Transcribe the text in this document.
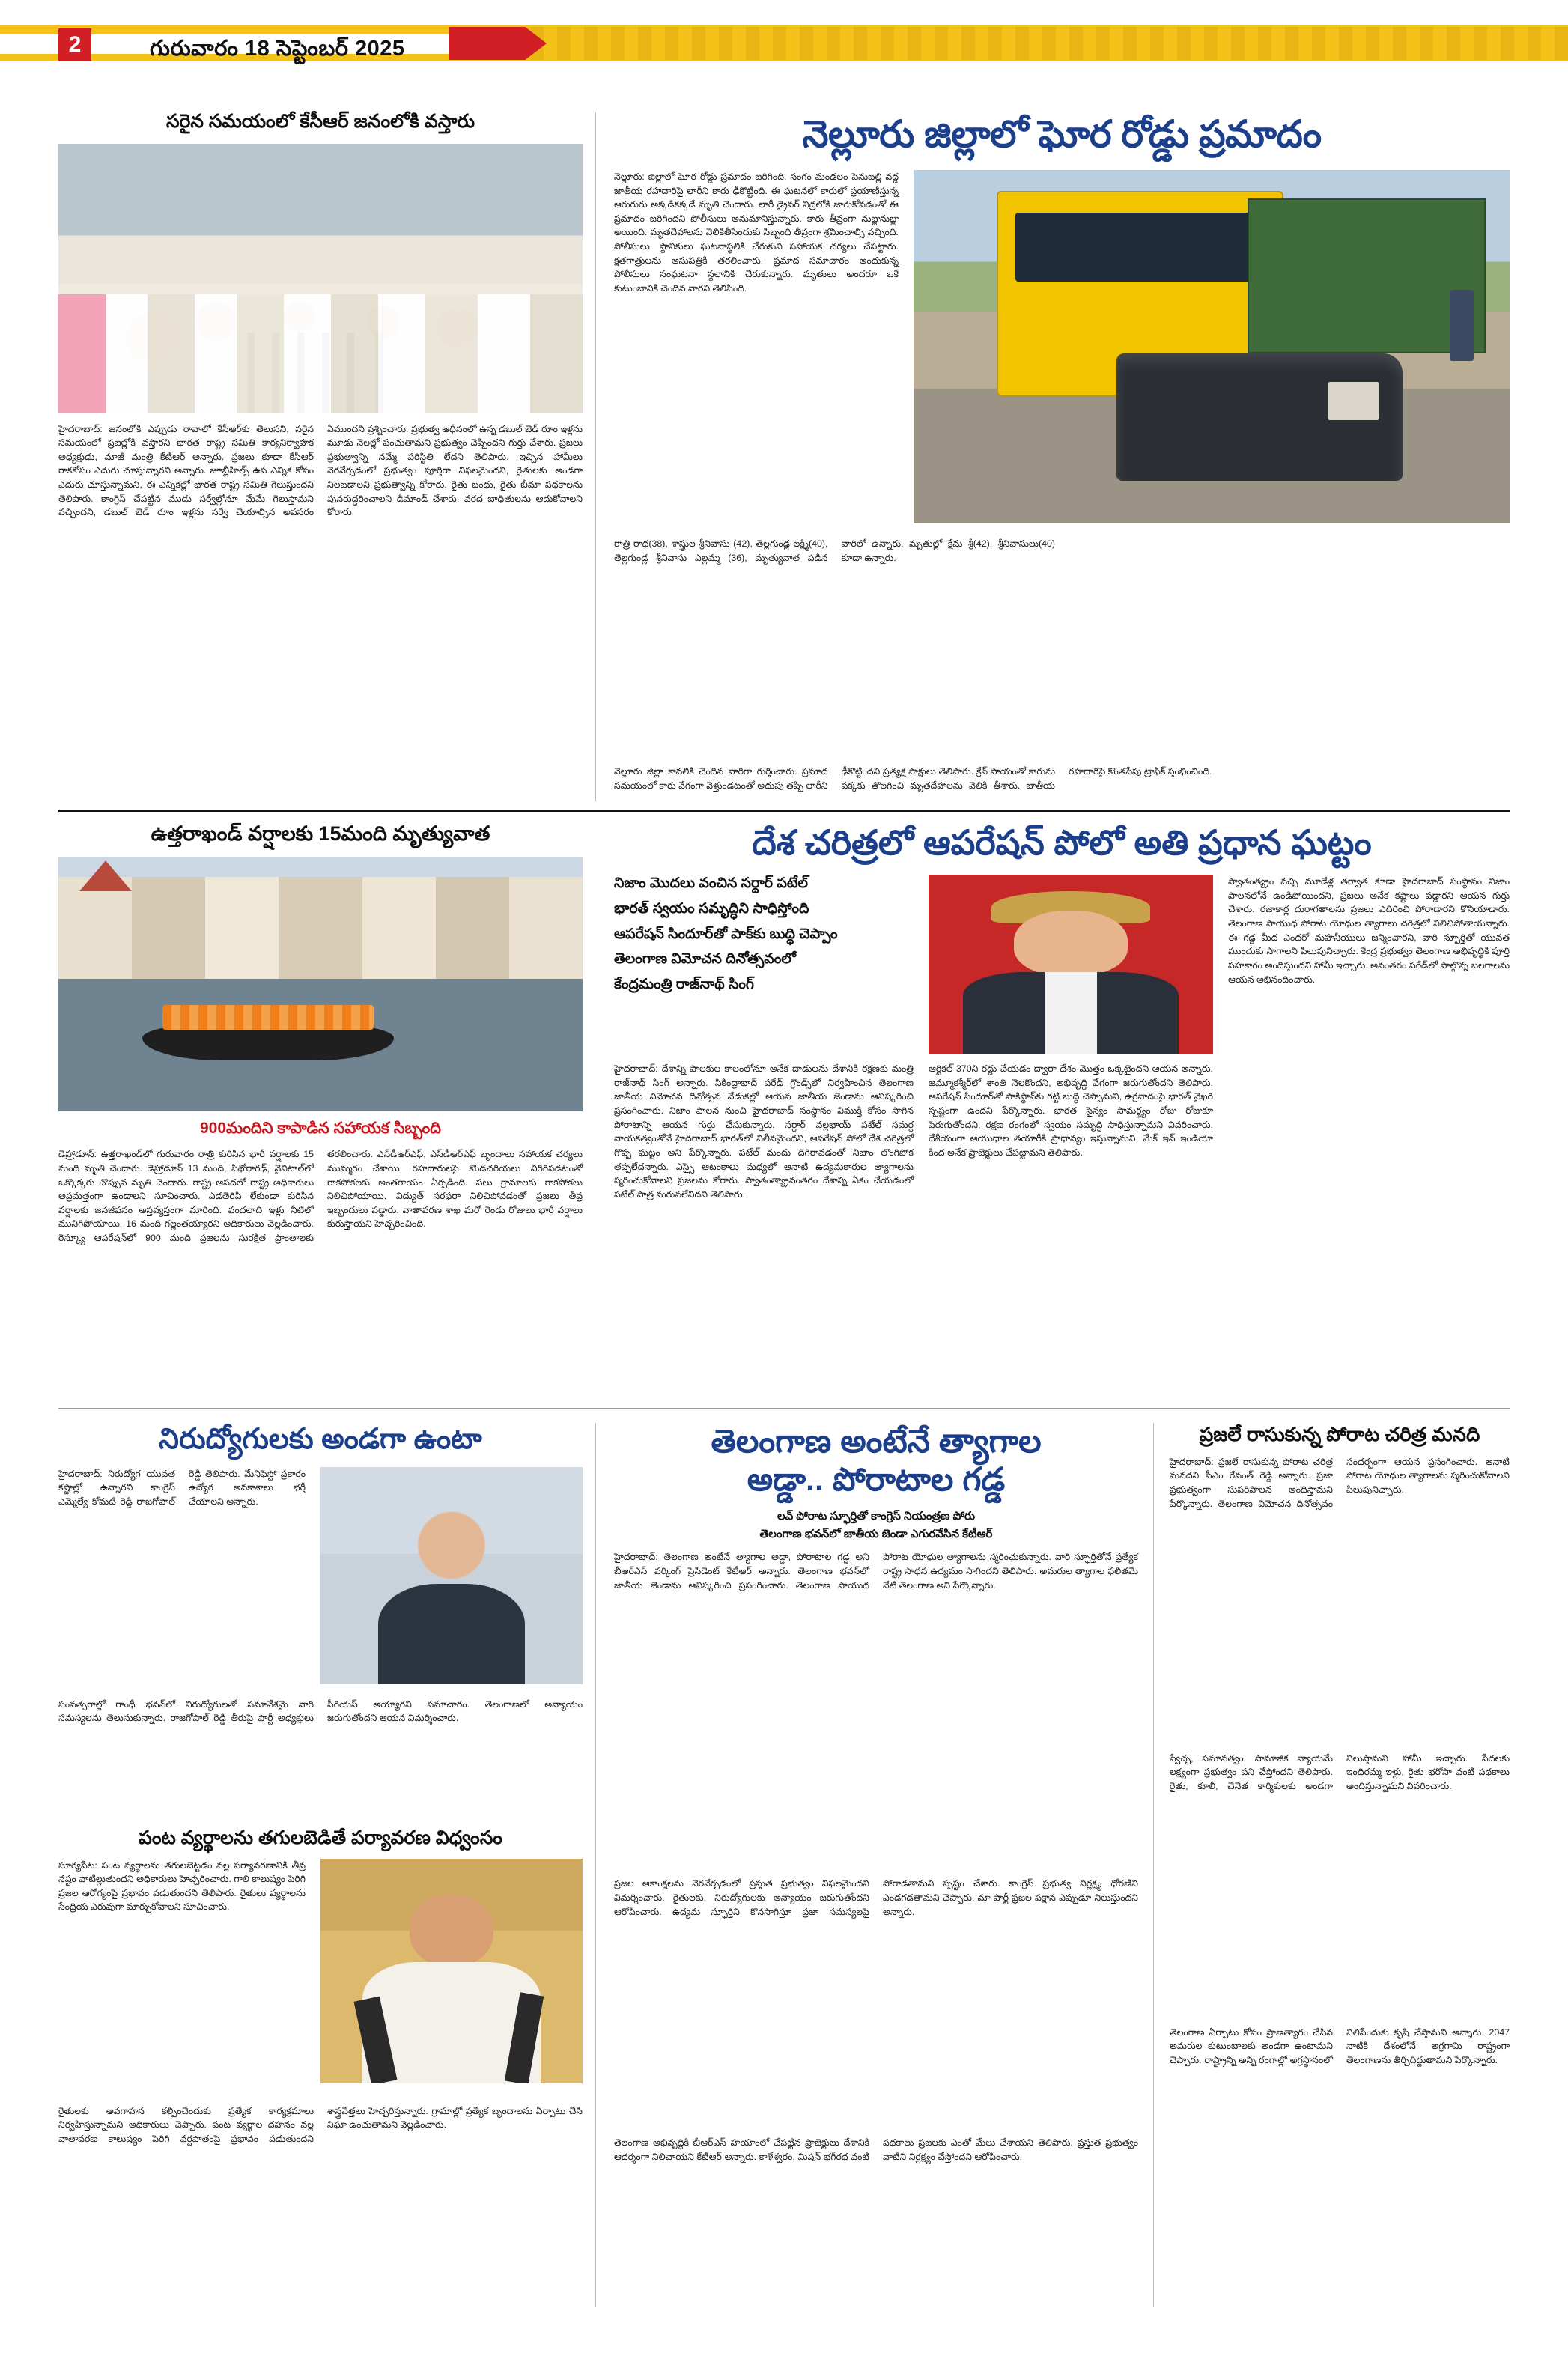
2	గురువారం 18 సెప్టెంబర్ 2025
సరైన సమయంలో కేసీఆర్ జనంలోకి వస్తారు
హైదరాబాద్‌: జనంలోకి ఎప్పుడు రావాలో కేసీఆర్‌కు తెలుసని, సరైన సమయంలో ప్రజల్లోకి వస్తారని భారత రాష్ట్ర సమితి కార్యనిర్వాహక అధ్యక్షుడు, మాజీ మంత్రి కేటీఆర్ అన్నారు. ప్రజలు కూడా కేసీఆర్ రాకకోసం ఎదురు చూస్తున్నారని అన్నారు. జూబ్లీహిల్స్ ఉప ఎన్నిక కోసం ఎదురు చూస్తున్నామని, ఈ ఎన్నికల్లో భారత రాష్ట్ర సమితి గెలుస్తుందని తెలిపారు. కాంగ్రెస్ చేపట్టిన ముడు సర్వేల్లోనూ మేమే గెలుస్తామని వచ్చిందని, డబుల్‌ బెడ్‌ రూం ఇళ్లను సర్వే చేయాల్సిన అవసరం ఏముందని ప్రశ్నించారు. ప్రభుత్వ ఆధీనంలో ఉన్న డబుల్ బెడ్ రూం ఇళ్లను మూడు నెలల్లో పంచుతామని ప్రభుత్వం చెప్పిందని గుర్తు చేశారు. ప్రజలు ప్రభుత్వాన్ని నమ్మే పరిస్థితి లేదని తెలిపారు. ఇచ్చిన హామీలు నెరవేర్చడంలో ప్రభుత్వం పూర్తిగా విఫలమైందని, రైతులకు అండగా నిలబడాలని ప్రభుత్వాన్ని కోరారు. రైతు బంధు, రైతు బీమా పథకాలను పునరుద్ధరించాలని డిమాండ్ చేశారు. వరద బాధితులను ఆదుకోవాలని కోరారు.
నెల్లూరు జిల్లాలో ఘోర రోడ్డు ప్రమాదం
నెల్లూరు: జిల్లాలో ఘోర రోడ్డు ప్రమాదం జరిగింది. సంగం మండలం పెనుబల్లి వద్ద జాతీయ రహదారిపై లారీని కారు ఢీకొట్టింది. ఈ ఘటనలో కారులో ప్రయాణిస్తున్న ఆరుగురు అక్కడికక్కడే మృతి చెందారు. లారీ డ్రైవర్ నిద్రలోకి జారుకోవడంతో ఈ ప్రమాదం జరిగిందని పోలీసులు అనుమానిస్తున్నారు. కారు తీవ్రంగా నుజ్జునుజ్జు అయింది. మృతదేహాలను వెలికితీసేందుకు సిబ్బంది తీవ్రంగా శ్రమించాల్సి వచ్చింది. పోలీసులు, స్థానికులు ఘటనాస్థలికి చేరుకుని సహాయక చర్యలు చేపట్టారు. క్షతగాత్రులను ఆసుపత్రికి తరలించారు. ప్రమాద సమాచారం అందుకున్న పోలీసులు సంఘటనా స్థలానికి చేరుకున్నారు. మృతులు అందరూ ఒకే కుటుంబానికి చెందిన వారని తెలిసింది.
రాత్రి రాధ(38), శాస్త్రుల శ్రీనివాసు (42), తెల్లగుండ్ల లక్ష్మి(40), తెల్లగుండ్ల శ్రీనివాసు ఎల్లమ్మ (36), మృత్యువాత పడిన వారిలో ఉన్నారు. మృతుల్లో క్షేమ శ్రీ(42), శ్రీనివాసులు(40) కూడా ఉన్నారు.
నెల్లూరు జిల్లా కావలికి చెందిన వారిగా గుర్తించారు. ప్రమాద సమయంలో కారు వేగంగా వెళ్తుండటంతో అదుపు తప్పి లారీని ఢీకొట్టిందని ప్రత్యక్ష సాక్షులు తెలిపారు. క్రేన్ సాయంతో కారును పక్కకు తొలగించి మృతదేహాలను వెలికి తీశారు. జాతీయ రహదారిపై కొంతసేపు ట్రాఫిక్ స్తంభించింది.
ఉత్తరాఖండ్ వర్షాలకు 15మంది మృత్యువాత
900మందిని కాపాడిన సహాయక సిబ్బంది
డెహ్రాడూన్: ఉత్తరాఖండ్‌లో గురువారం రాత్రి కురిసిన భారీ వర్షాలకు 15 మంది మృతి చెందారు. డెహ్రాడూన్ 13 మంది, పిథోరాగఢ్‌, నైనిటాల్‌లో ఒక్కొక్కరు చొప్పున మృతి చెందారు. రాష్ట్ర ఆపదలో రాష్ట్ర అధికారులు అప్రమత్తంగా ఉండాలని సూచించారు. ఎడతెరిపి లేకుండా కురిసిన వర్షాలకు జనజీవనం అస్తవ్యస్తంగా మారింది. వందలాది ఇళ్లు నీటిలో మునిగిపోయాయి. 16 మంది గల్లంతయ్యారని అధికారులు వెల్లడించారు. రెస్క్యూ ఆపరేషన్‌లో 900 మంది ప్రజలను సురక్షిత ప్రాంతాలకు తరలించారు. ఎన్‌డీఆర్‌ఎఫ్‌, ఎస్‌డీఆర్‌ఎఫ్‌ బృందాలు సహాయక చర్యలు ముమ్మరం చేశాయి. రహదారులపై కొండచరియలు విరిగిపడటంతో రాకపోకలకు అంతరాయం ఏర్పడింది. పలు గ్రామాలకు రాకపోకలు నిలిచిపోయాయి. విద్యుత్ సరఫరా నిలిచిపోవడంతో ప్రజలు తీవ్ర ఇబ్బందులు పడ్డారు. వాతావరణ శాఖ మరో రెండు రోజులు భారీ వర్షాలు కురుస్తాయని హెచ్చరించింది.
దేశ చరిత్రలో ఆపరేషన్ పోలో అతి ప్రధాన ఘట్టం
నిజాం మొదలు వంచిన సర్దార్ పటేల్
భారత్ స్వయం సమృద్ధిని సాధిస్తోంది
ఆపరేషన్ సిందూర్‌తో పాక్‌కు బుద్ధి చెప్పాం
తెలంగాణ విమోచన దినోత్సవంలో
కేంద్రమంత్రి రాజ్‌నాథ్ సింగ్
స్వాతంత్య్రం వచ్చి మూడేళ్ల తర్వాత కూడా హైదరాబాద్ సంస్థానం నిజాం పాలనలోనే ఉండిపోయిందని, ప్రజలు అనేక కష్టాలు పడ్డారని ఆయన గుర్తు చేశారు. రజాకార్ల దురాగతాలను ప్రజలు ఎదిరించి పోరాడారని కొనియాడారు. తెలంగాణ సాయుధ పోరాట యోధుల త్యాగాలు చరిత్రలో నిలిచిపోతాయన్నారు. ఈ గడ్డ మీద ఎందరో మహనీయులు జన్మించారని, వారి స్ఫూర్తితో యువత ముందుకు సాగాలని పిలుపునిచ్చారు. కేంద్ర ప్రభుత్వం తెలంగాణ అభివృద్ధికి పూర్తి సహకారం అందిస్తుందని హామీ ఇచ్చారు. అనంతరం పరేడ్‌లో పాల్గొన్న బలగాలను ఆయన అభినందించారు.
హైదరాబాద్‌: దేశాన్ని పాలకుల కాలంలోనూ అనేక దాడులను దేశానికి రక్షణకు మంత్రి రాజ్‌నాథ్ సింగ్ అన్నారు. సికింద్రాబాద్ పరేడ్ గ్రౌండ్స్‌లో నిర్వహించిన తెలంగాణ జాతీయ విమోచన దినోత్సవ వేడుకల్లో ఆయన జాతీయ జెండాను ఆవిష్కరించి ప్రసంగించారు. నిజాం పాలన నుంచి హైదరాబాద్ సంస్థానం విముక్తి కోసం సాగిన పోరాటాన్ని ఆయన గుర్తు చేసుకున్నారు. సర్దార్ వల్లభాయ్ పటేల్ సమర్థ నాయకత్వంతోనే హైదరాబాద్ భారత్‌లో విలీనమైందని, ఆపరేషన్ పోలో దేశ చరిత్రలో గొప్ప ఘట్టం అని పేర్కొన్నారు. పటేల్ మందు దిగిరావడంతో నిజాం లొంగిపోక తప్పలేదన్నారు. ఎస్సై ఆటంకాలు మధ్యలో ఆనాటి ఉద్యమకారుల త్యాగాలను స్మరించుకోవాలని ప్రజలను కోరారు. స్వాతంత్య్రానంతరం దేశాన్ని ఏకం చేయడంలో పటేల్ పాత్ర మరువలేనిదని తెలిపారు.
ఆర్టికల్ 370ని రద్దు చేయడం ద్వారా దేశం మొత్తం ఒక్కటైందని ఆయన అన్నారు. జమ్మూకశ్మీర్‌లో శాంతి నెలకొందని, అభివృద్ధి వేగంగా జరుగుతోందని తెలిపారు. ఆపరేషన్ సిందూర్‌తో పాకిస్థాన్‌కు గట్టి బుద్ధి చెప్పామని, ఉగ్రవాదంపై భారత్ వైఖరి స్పష్టంగా ఉందని పేర్కొన్నారు. భారత సైన్యం సామర్థ్యం రోజు రోజుకూ పెరుగుతోందని, రక్షణ రంగంలో స్వయం సమృద్ధి సాధిస్తున్నామని వివరించారు. దేశీయంగా ఆయుధాల తయారీకి ప్రాధాన్యం ఇస్తున్నామని, మేక్ ఇన్ ఇండియా కింద అనేక ప్రాజెక్టులు చేపట్టామని తెలిపారు.
నిరుద్యోగులకు అండగా ఉంటా
హైదరాబాద్‌: నిరుద్యోగ యువత కష్టాల్లో ఉన్నారని కాంగ్రెస్ ఎమ్మెల్యే కోమటి రెడ్డి రాజగోపాల్ రెడ్డి తెలిపారు. మేనిఫెస్టో ప్రకారం ఉద్యోగ అవకాశాలు భర్తీ చేయాలని అన్నారు.
సంవత్సరాల్లో గాంధీ భవన్‌లో నిరుద్యోగులతో సమావేశమై వారి సమస్యలను తెలుసుకున్నారు. రాజగోపాల్ రెడ్డి తీరుపై పార్టీ అధ్యక్షులు సీరియస్ అయ్యారని సమాచారం. తెలంగాణలో అన్యాయం జరుగుతోందని ఆయన విమర్శించారు.
పంట వ్యర్థాలను తగులబెడితే పర్యావరణ విధ్వంసం
సూర్యపేట: పంట వ్యర్థాలను తగులబెట్టడం వల్ల పర్యావరణానికి తీవ్ర నష్టం వాటిల్లుతుందని అధికారులు హెచ్చరించారు. గాలి కాలుష్యం పెరిగి ప్రజల ఆరోగ్యంపై ప్రభావం పడుతుందని తెలిపారు. రైతులు వ్యర్థాలను సేంద్రియ ఎరువుగా మార్చుకోవాలని సూచించారు.
రైతులకు అవగాహన కల్పించేందుకు ప్రత్యేక కార్యక్రమాలు నిర్వహిస్తున్నామని అధికారులు చెప్పారు. పంట వ్యర్థాల దహనం వల్ల వాతావరణ కాలుష్యం పెరిగి వర్షపాతంపై ప్రభావం పడుతుందని శాస్త్రవేత్తలు హెచ్చరిస్తున్నారు. గ్రామాల్లో ప్రత్యేక బృందాలను ఏర్పాటు చేసి నిఘా ఉంచుతామని వెల్లడించారు.
తెలంగాణ అంటేనే త్యాగాల
అడ్డా.. పోరాటాల గడ్డ
లవ్ పోరాట స్ఫూర్తితో కాంగ్రెస్ నియంత్రణ పోరు
తెలంగాణ భవన్‌లో జాతీయ జెండా ఎగురవేసిన కేటీఆర్
హైదరాబాద్‌: తెలంగాణ అంటేనే త్యాగాల అడ్డా, పోరాటాల గడ్డ అని బీఆర్‌ఎస్ వర్కింగ్ ప్రెసిడెంట్ కేటీఆర్ అన్నారు. తెలంగాణ భవన్‌లో జాతీయ జెండాను ఆవిష్కరించి ప్రసంగించారు. తెలంగాణ సాయుధ పోరాట యోధుల త్యాగాలను స్మరించుకున్నారు. వారి స్ఫూర్తితోనే ప్రత్యేక రాష్ట్ర సాధన ఉద్యమం సాగిందని తెలిపారు. అమరుల త్యాగాల ఫలితమే నేటి తెలంగాణ అని పేర్కొన్నారు.
ప్రజల ఆకాంక్షలను నెరవేర్చడంలో ప్రస్తుత ప్రభుత్వం విఫలమైందని విమర్శించారు. రైతులకు, నిరుద్యోగులకు అన్యాయం జరుగుతోందని ఆరోపించారు. ఉద్యమ స్ఫూర్తిని కొనసాగిస్తూ ప్రజా సమస్యలపై పోరాడతామని స్పష్టం చేశారు. కాంగ్రెస్ ప్రభుత్వ నిర్లక్ష్య ధోరణిని ఎండగడతామని చెప్పారు. మా పార్టీ ప్రజల పక్షాన ఎప్పుడూ నిలుస్తుందని అన్నారు.
తెలంగాణ అభివృద్ధికి బీఆర్‌ఎస్ హయాంలో చేపట్టిన ప్రాజెక్టులు దేశానికి ఆదర్శంగా నిలిచాయని కేటీఆర్ అన్నారు. కాళేశ్వరం, మిషన్ భగీరథ వంటి పథకాలు ప్రజలకు ఎంతో మేలు చేశాయని తెలిపారు. ప్రస్తుత ప్రభుత్వం వాటిని నిర్లక్ష్యం చేస్తోందని ఆరోపించారు.
ప్రజలే రాసుకున్న పోరాట చరిత్ర మనది
హైదరాబాద్‌: ప్రజలే రాసుకున్న పోరాట చరిత్ర మనదని సీఎం రేవంత్ రెడ్డి అన్నారు. ప్రజా ప్రభుత్వంగా సుపరిపాలన అందిస్తామని పేర్కొన్నారు. తెలంగాణ విమోచన దినోత్సవం సందర్భంగా ఆయన ప్రసంగించారు. ఆనాటి పోరాట యోధుల త్యాగాలను స్మరించుకోవాలని పిలుపునిచ్చారు.
స్వేచ్ఛ, సమానత్వం, సామాజిక న్యాయమే లక్ష్యంగా ప్రభుత్వం పని చేస్తోందని తెలిపారు. రైతు, కూలీ, చేనేత కార్మికులకు అండగా నిలుస్తామని హామీ ఇచ్చారు. పేదలకు ఇందిరమ్మ ఇళ్లు, రైతు భరోసా వంటి పథకాలు అందిస్తున్నామని వివరించారు.
తెలంగాణ ఏర్పాటు కోసం ప్రాణత్యాగం చేసిన అమరుల కుటుంబాలకు అండగా ఉంటామని చెప్పారు. రాష్ట్రాన్ని అన్ని రంగాల్లో అగ్రస్థానంలో నిలిపేందుకు కృషి చేస్తామని అన్నారు. 2047 నాటికి దేశంలోనే అగ్రగామి రాష్ట్రంగా తెలంగాణను తీర్చిదిద్దుతామని పేర్కొన్నారు.
